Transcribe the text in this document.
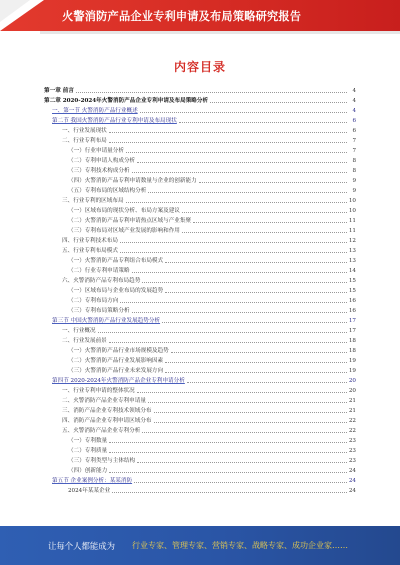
火警消防产品企业专利申请及布局策略研究报告
内容目录
第一章 前言	4
第二章 2020-2024年火警消防产品企业专利申请及布局策略分析	4
一、第一节 火警消防产品行业概述	4
第二节 我国火警消防产品行业专利申请及布局现状	6
一、行业发展现状	6
二、行业专利布局	7
（一）行业申请量分析	7
（二）专利申请人构成分析	8
（三）专利技术构成分析	8
（四）火警消防产品专利申请数量与企业的创新能力	9
（五）专利布局的区域结构分析	9
三、行业专利的区域布局	10
（一）区域布局的现状分析、布局方案及建议	10
（二）火警消防产品专利申请热点区域与产业集聚	11
（三）专利布局对区域产业发展的影响和作用	11
四、行业专利技术布局	12
五、行业专利布局模式	13
（一）火警消防产品专利组合布局模式	13
（二）行业专利申请策略	14
六、火警消防产品专利布局趋势	15
（一）区域布局与企业布局的发展趋势	15
（二）专利布局方向	16
（三）专利布局策略分析	16
第三节 中国火警消防产品行业发展趋势分析	17
一、行业概况	17
二、行业发展前景	18
（一）火警消防产品行业市场规模及趋势	18
（二）火警消防产品行业发展影响因素	19
（三）火警消防产品行业未来发展方向	19
第四节 2020-2024年火警消防产品企业专利申请分析	20
一、行业专利申请的整体状况	20
二、火警消防产品企业专利申请量	21
三、消防产品企业专利技术领域分布	21
四、消防产品企业专利申请区域分布	22
五、火警消防产品企业专利分析	22
（一）专利数量	23
（二）专利质量	23
（三）专利类型与主体结构	23
（四）创新能力	24
第五节 企业案例分析：某某消防	24
2024年某某企业	24
让每个人都能成为 行业专家、管理专家、营销专家、战略专家、成功企业家……
